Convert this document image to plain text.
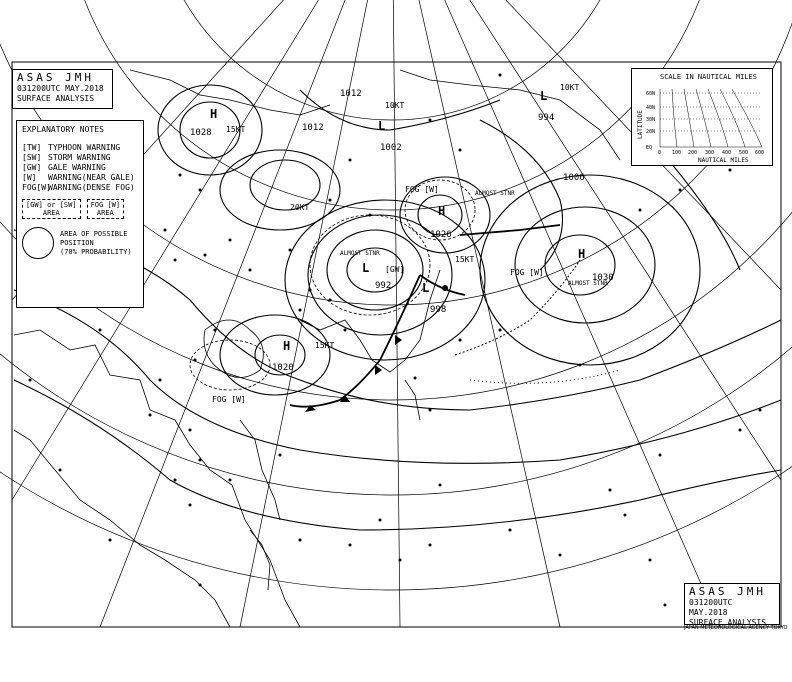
L
992
[GW]
L
998
L
1002
1012
1012
1006
L
994
H
1026
H
1028
H
1020
H
1030
FOG [W]
FOG [W]
FOG [W]
ALMOST STNR
ALMOST STNR
ALMOST STNR
15KT
10KT
15KT
20KT
15KT
10KT
ASAS JMH
031200UTC MAY.2018
SURFACE ANALYSIS
EXPLANATORY NOTES
[TW] TYPHOON WARNING
[SW] STORM WARNING
[GW] GALE WARNING
[W]	WARNING(NEAR GALE)
FOG[W]
WARNING(DENSE FOG)
[GW] or [SW]
AREA
FOG [W]
AREA
AREA OF POSSIBLE
POSITION
(70% PROBABILITY)
SCALE IN NAUTICAL MILES
LATITUDE
60N
40N
30N
20N
EQ
0 100 200 300 400 500 600
NAUTICAL MILES
ASAS JMH
031200UTC MAY.2018
SURFACE ANALYSIS
JAPAN METEOROLOGICAL AGENCY TOKYO
